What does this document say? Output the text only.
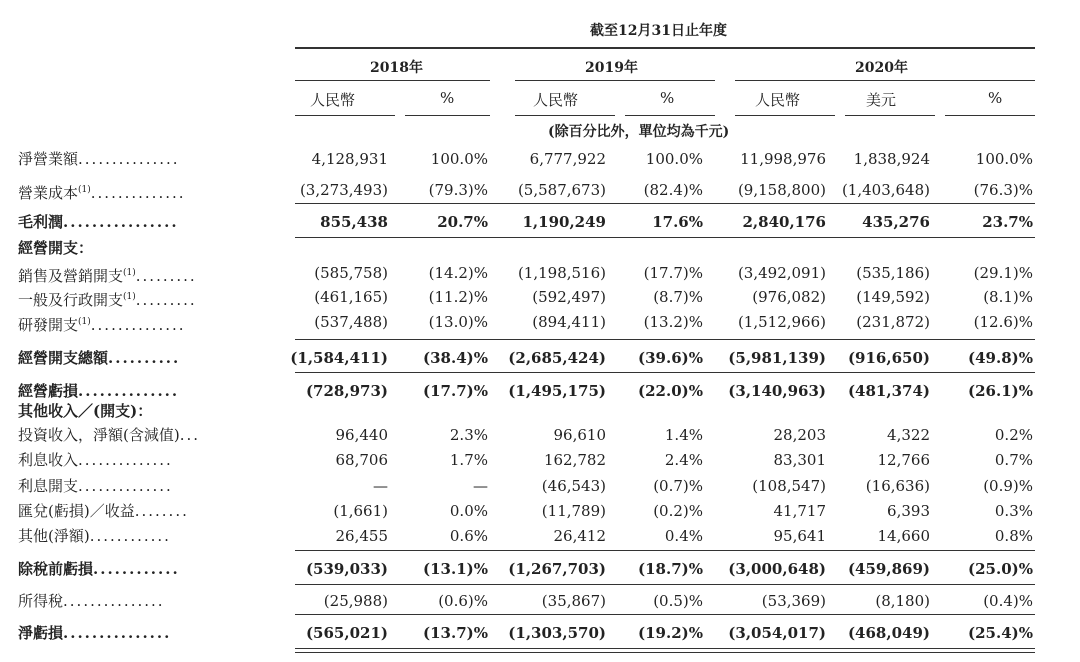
截至12月31日止年度
2018年	2019年	2020年
人民幣	%	人民幣	%	人民幣	美元	%
(除百分比外，單位均為千元)
經營開支：
其他收入／(開支)：
淨營業額...............	4,128,931	100.0%	6,777,922	100.0% 11,998,976 1,838,924	100.0%
營業成本$^{(1)}$..............	(3,273,493)	(79.3)% (5,587,673)	(82.4)% (9,158,800) (1,403,648)	(76.3)%
毛利潤................	855,438	20.7% 1,190,249	17.6%	2,840,176 435,276	23.7%
銷售及營銷開支$^{(1)}$.........	(585,758)	(14.2)% (1,198,516)	(17.7)% (3,492,091) (535,186)	(29.1)%
一般及行政開支$^{(1)}$.........	(461,165)	(11.2)%	(592,497)	(8.7)%	(976,082) (149,592)	(8.1)%
研發開支$^{(1)}$..............	(537,488)	(13.0)%	(894,411)	(13.2)% (1,512,966) (231,872)	(12.6)%
經營開支總額..........	(1,584,411) (38.4)% (2,685,424) (39.6)% (5,981,139) (916,650)	(49.8)%
經營虧損..............	(728,973) (17.7)% (1,495,175) (22.0)% (3,140,963) (481,374)	(26.1)%
投資收入，淨額(含減值)...	96,440	2.3%	96,610	1.4%	28,203	4,322	0.2%
利息收入..............	68,706	1.7%	162,782	2.4%	83,301	12,766	0.7%
利息開支..............	—	—	(46,543)	(0.7)%	(108,547)	(16,636)	(0.9)%
匯兌(虧損)／收益........	(1,661)	0.0%	(11,789)	(0.2)%	41,717	6,393	0.3%
其他(淨額)............	26,455	0.6%	26,412	0.4%	95,641	14,660	0.8%
除稅前虧損............	(539,033) (13.1)% (1,267,703) (18.7)% (3,000,648) (459,869)	(25.0)%
所得稅...............	(25,988)	(0.6)%	(35,867)	(0.5)%	(53,369)	(8,180)	(0.4)%
淨虧損...............	(565,021) (13.7)% (1,303,570) (19.2)% (3,054,017) (468,049)	(25.4)%
